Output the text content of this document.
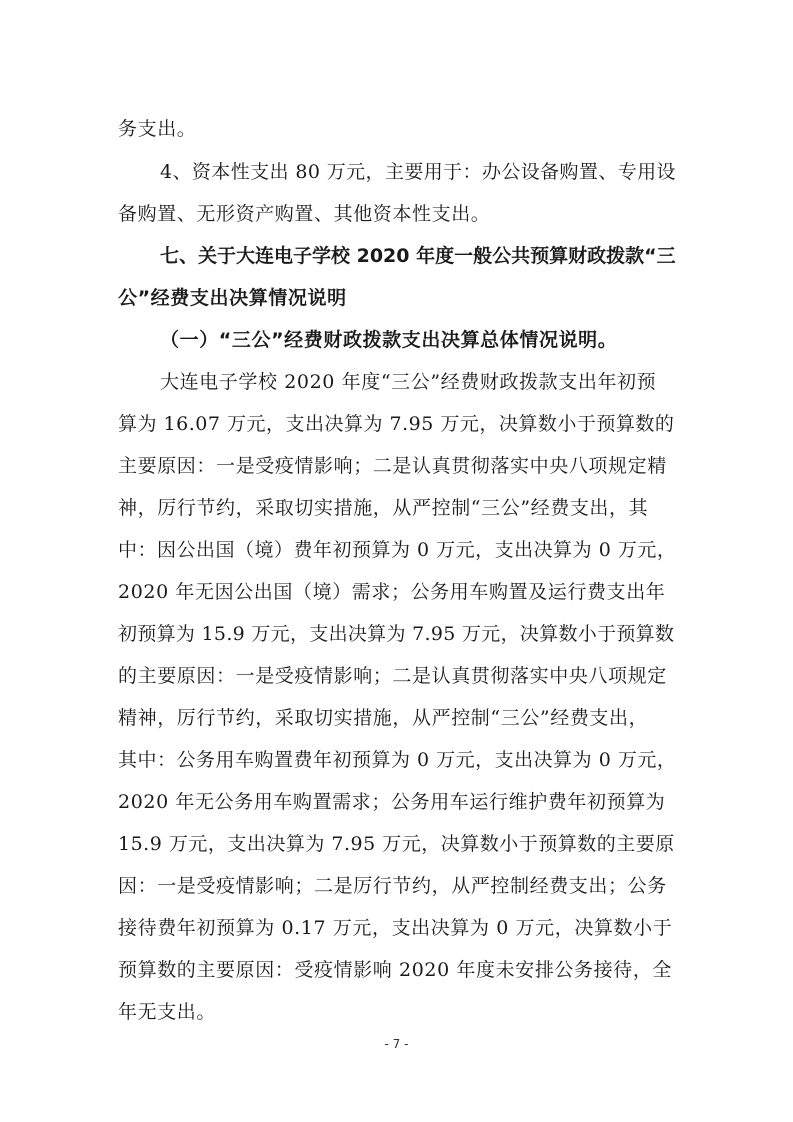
务支出。
4、资本性支出 80 万元，主要用于：办公设备购置、专用设
备购置、无形资产购置、其他资本性支出。
七、关于大连电子学校 2020 年度一般公共预算财政拨款“三
公”经费支出决算情况说明
（一）“三公”经费财政拨款支出决算总体情况说明。
大连电子学校 2020 年度“三公”经费财政拨款支出年初预
算为 16.07 万元，支出决算为 7.95 万元，决算数小于预算数的
主要原因：一是受疫情影响；二是认真贯彻落实中央八项规定精
神，厉行节约，采取切实措施，从严控制“三公”经费支出，其
中：因公出国（境）费年初预算为 0 万元，支出决算为 0 万元，
2020 年无因公出国（境）需求；公务用车购置及运行费支出年
初预算为 15.9 万元，支出决算为 7.95 万元，决算数小于预算数
的主要原因：一是受疫情影响；二是认真贯彻落实中央八项规定
精神，厉行节约，采取切实措施，从严控制“三公”经费支出，
其中：公务用车购置费年初预算为 0 万元，支出决算为 0 万元，
2020 年无公务用车购置需求；公务用车运行维护费年初预算为
15.9 万元，支出决算为 7.95 万元，决算数小于预算数的主要原
因：一是受疫情影响；二是厉行节约，从严控制经费支出；公务
接待费年初预算为 0.17 万元，支出决算为 0 万元，决算数小于
预算数的主要原因：受疫情影响 2020 年度未安排公务接待，全
年无支出。
- 7 -
